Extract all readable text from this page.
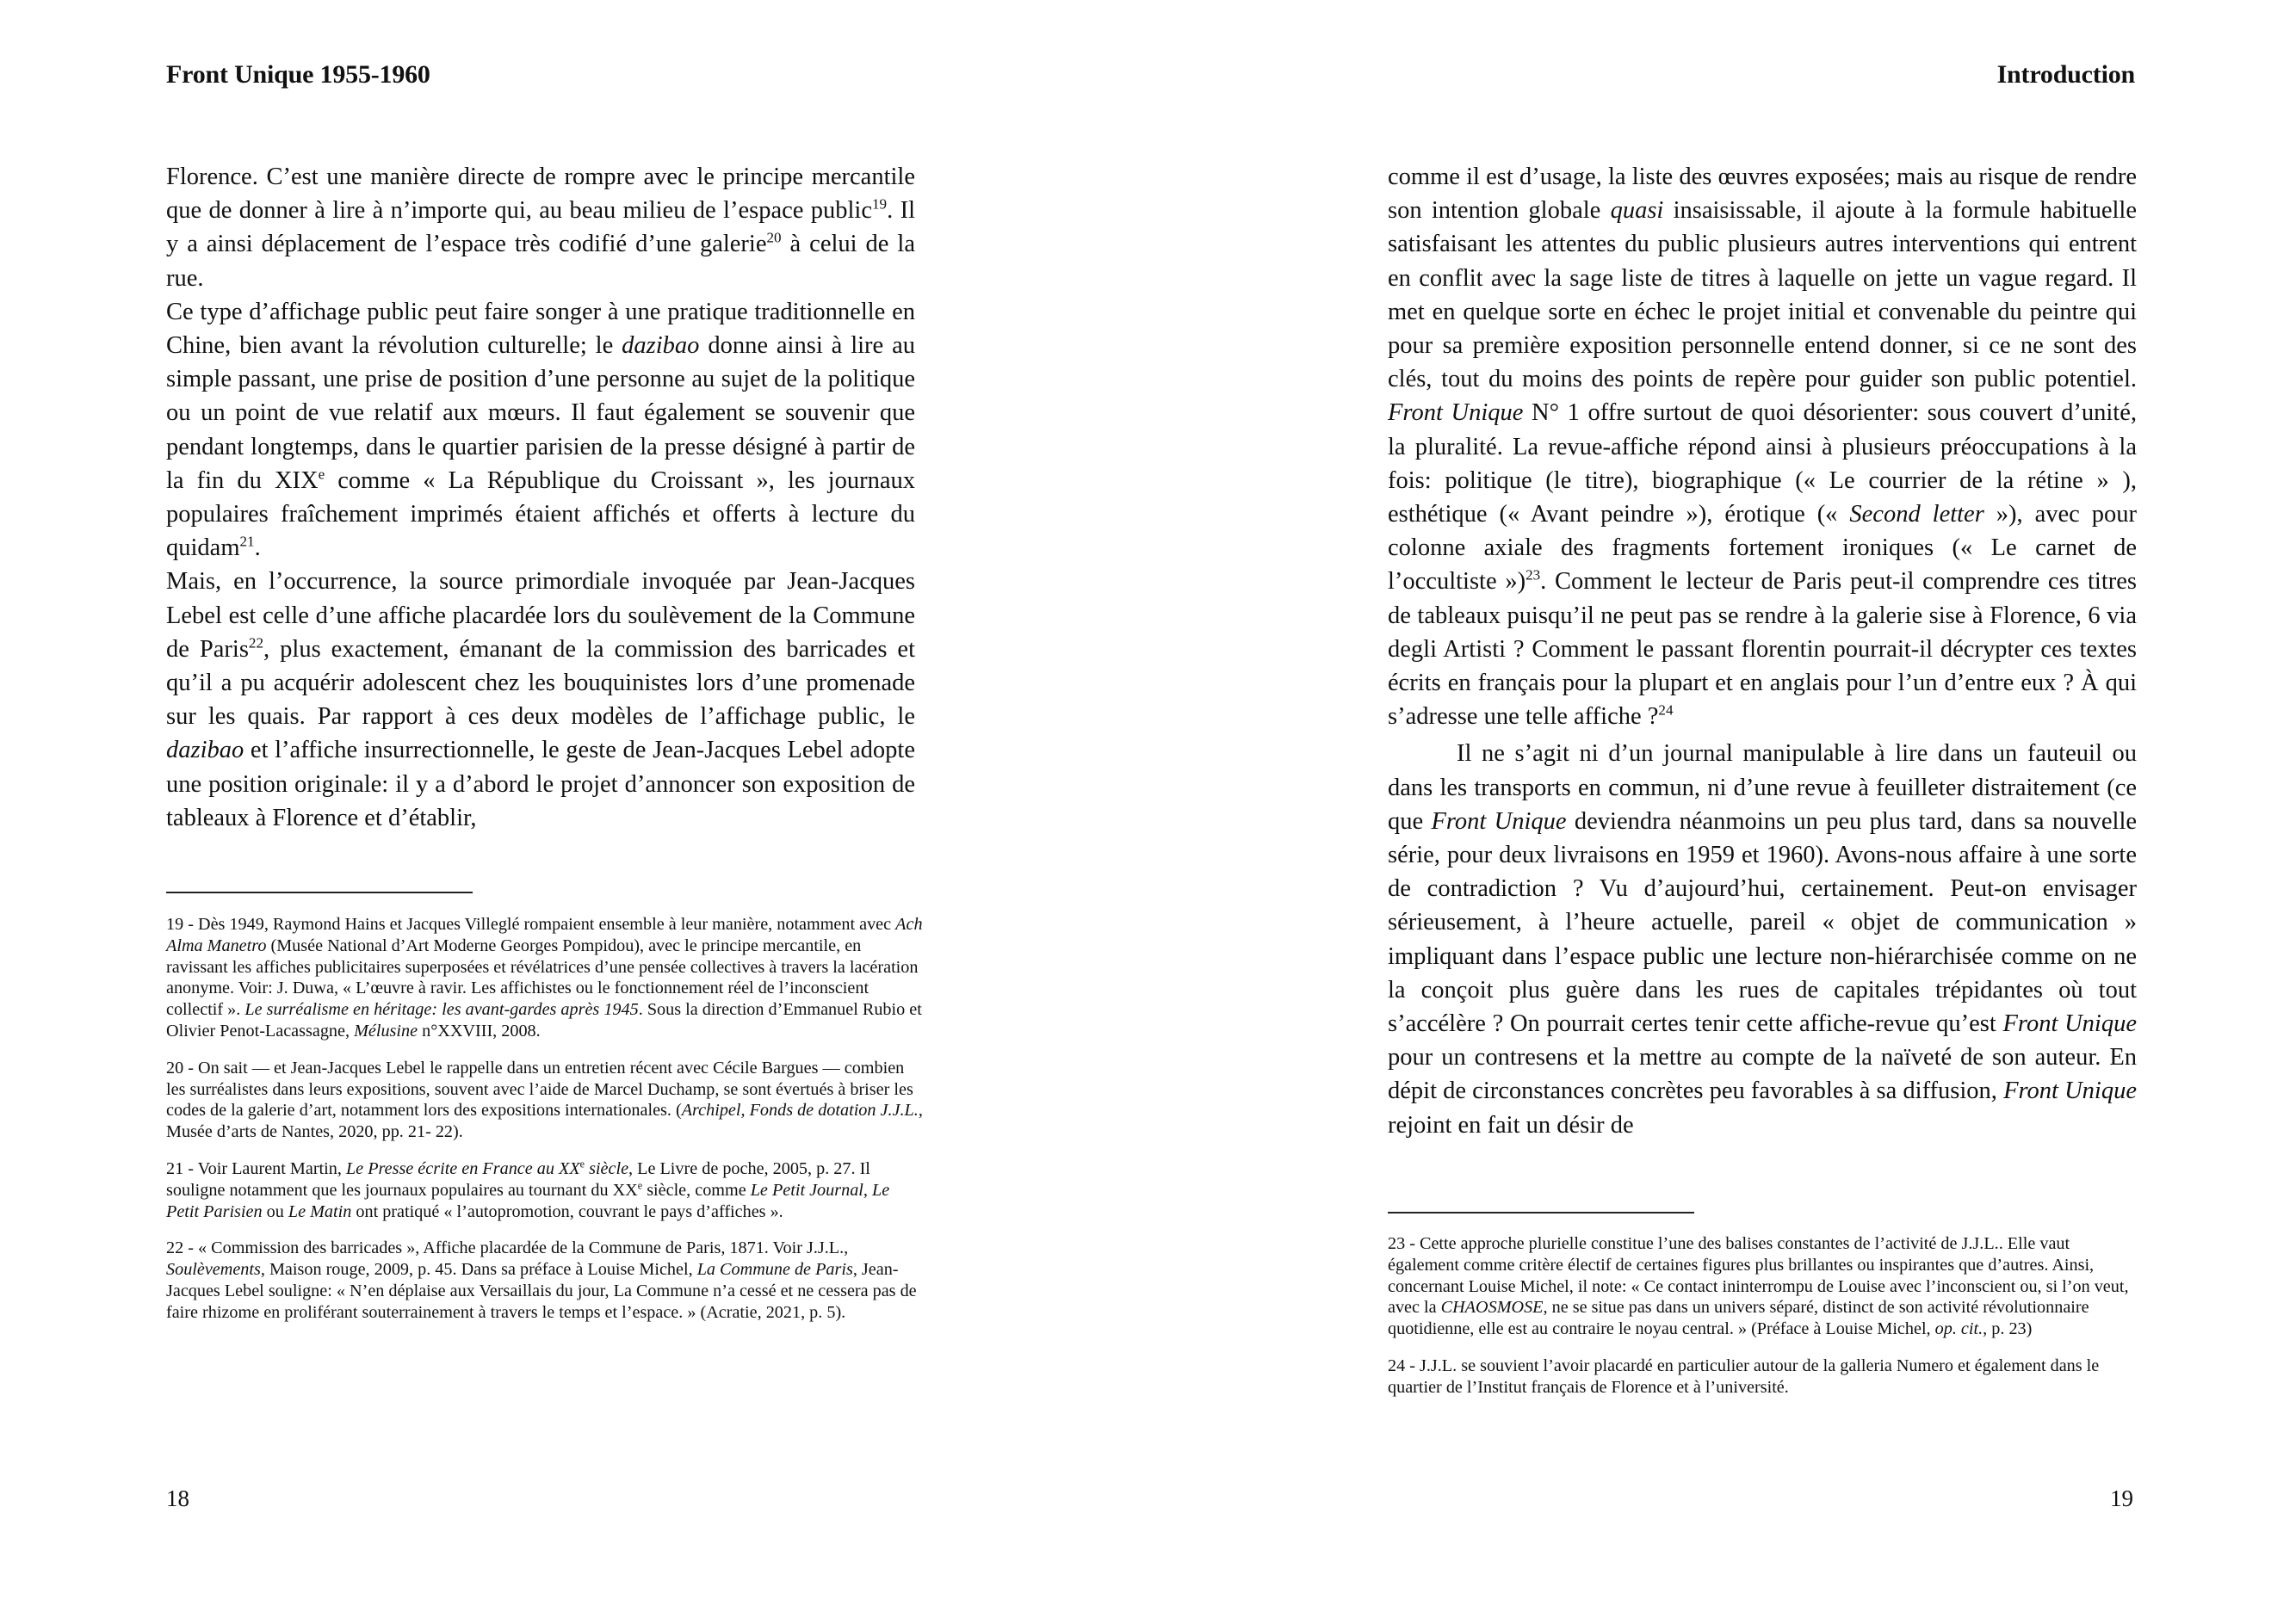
Front Unique 1955-1960

Florence. C’est une manière directe de rompre avec le principe mercantile que de donner à lire à n’importe qui, au beau milieu de l’espace public$^{19}$. Il y a ainsi déplacement de l’espace très codifié d’une galerie$^{20}$ à celui de la rue.

Ce type d’affichage public peut faire songer à une pratique traditionnelle en Chine, bien avant la révolution culturelle; le dazibao donne ainsi à lire au simple passant, une prise de position d’une personne au sujet de la politique ou un point de vue relatif aux mœurs. Il faut également se souvenir que pendant longtemps, dans le quartier parisien de la presse désigné à partir de la fin du XIXe comme « La République du Croissant », les journaux populaires fraîchement imprimés étaient affichés et offerts à lecture du quidam$^{21}$.

Mais, en l’occurrence, la source primordiale invoquée par Jean-Jacques Lebel est celle d’une affiche placardée lors du soulèvement de la Commune de Paris$^{22}$, plus exactement, émanant de la commission des barricades et qu’il a pu acquérir adolescent chez les bouquinistes lors d’une promenade sur les quais. Par rapport à ces deux modèles de l’affichage public, le dazibao et l’affiche insurrectionnelle, le geste de Jean-Jacques Lebel adopte une position originale: il y a d’abord le projet d’annoncer son exposition de tableaux à Florence et d’établir,

19 - Dès 1949, Raymond Hains et Jacques Villeglé rompaient ensemble à leur manière, notamment avec Ach Alma Manetro (Musée National d’Art Moderne Georges Pompidou), avec le principe mercantile, en ravissant les affiches publicitaires superposées et révélatrices d’une pensée collectives à travers la lacération anonyme. Voir: J. Duwa, « L’œuvre à ravir. Les affichistes ou le fonctionnement réel de l’inconscient collectif ». Le surréalisme en héritage: les avant-gardes après 1945. Sous la direction d’Emmanuel Rubio et Olivier Penot-Lacassagne, Mélusine n°XXVIII, 2008.

20 - On sait — et Jean-Jacques Lebel le rappelle dans un entretien récent avec Cécile Bargues — combien les surréalistes dans leurs expositions, souvent avec l’aide de Marcel Duchamp, se sont évertués à briser les codes de la galerie d’art, notamment lors des expositions internationales. (Archipel, Fonds de dotation J.J.L., Musée d’arts de Nantes, 2020, pp. 21- 22).

21 - Voir Laurent Martin, Le Presse écrite en France au XXe siècle, Le Livre de poche, 2005, p. 27. Il souligne notamment que les journaux populaires au tournant du XXe siècle, comme Le Petit Journal, Le Petit Parisien ou Le Matin ont pratiqué « l’autopromotion, couvrant le pays d’affiches ».

22 - « Commission des barricades », Affiche placardée de la Commune de Paris, 1871. Voir J.J.L., Soulèvements, Maison rouge, 2009, p. 45. Dans sa préface à Louise Michel, La Commune de Paris, Jean-Jacques Lebel souligne: « N’en déplaise aux Versaillais du jour, La Commune n’a cessé et ne cessera pas de faire rhizome en proliférant souterrainement à travers le temps et l’espace. » (Acratie, 2021, p. 5).

18
Introduction

comme il est d’usage, la liste des œuvres exposées; mais au risque de rendre son intention globale quasi insaisissable, il ajoute à la formule habituelle satisfaisant les attentes du public plusieurs autres interventions qui entrent en conflit avec la sage liste de titres à laquelle on jette un vague regard. Il met en quelque sorte en échec le projet initial et convenable du peintre qui pour sa première exposition personnelle entend donner, si ce ne sont des clés, tout du moins des points de repère pour guider son public potentiel. Front Unique N° 1 offre surtout de quoi désorienter: sous couvert d’unité, la pluralité. La revue-affiche répond ainsi à plusieurs préoccupations à la fois: politique (le titre), biographique (« Le courrier de la rétine » ), esthétique (« Avant peindre »), érotique (« Second letter »), avec pour colonne axiale des fragments fortement ironiques (« Le carnet de l’occultiste »)$^{23}$. Comment le lecteur de Paris peut-il comprendre ces titres de tableaux puisqu’il ne peut pas se rendre à la galerie sise à Florence, 6 via degli Artisti ? Comment le passant florentin pourrait-il décrypter ces textes écrits en français pour la plupart et en anglais pour l’un d’entre eux ? À qui s’adresse une telle affiche ?$^{24}$

Il ne s’agit ni d’un journal manipulable à lire dans un fauteuil ou dans les transports en commun, ni d’une revue à feuilleter distraitement (ce que Front Unique deviendra néanmoins un peu plus tard, dans sa nouvelle série, pour deux livraisons en 1959 et 1960). Avons-nous affaire à une sorte de contradiction ? Vu d’aujourd’hui, certainement. Peut-on envisager sérieusement, à l’heure actuelle, pareil « objet de communication » impliquant dans l’espace public une lecture non-hiérarchisée comme on ne la conçoit plus guère dans les rues de capitales trépidantes où tout s’accélère ? On pourrait certes tenir cette affiche-revue qu’est Front Unique pour un contresens et la mettre au compte de la naïveté de son auteur. En dépit de circonstances concrètes peu favorables à sa diffusion, Front Unique rejoint en fait un désir de

23 - Cette approche plurielle constitue l’une des balises constantes de l’activité de J.J.L.. Elle vaut également comme critère électif de certaines figures plus brillantes ou inspirantes que d’autres. Ainsi, concernant Louise Michel, il note: « Ce contact ininterrompu de Louise avec l’inconscient ou, si l’on veut, avec la CHAOSMOSE, ne se situe pas dans un univers séparé, distinct de son activité révolutionnaire quotidienne, elle est au contraire le noyau central. » (Préface à Louise Michel, op. cit., p. 23)

24 - J.J.L. se souvient l’avoir placardé en particulier autour de la galleria Numero et également dans le quartier de l’Institut français de Florence et à l’université.

19
